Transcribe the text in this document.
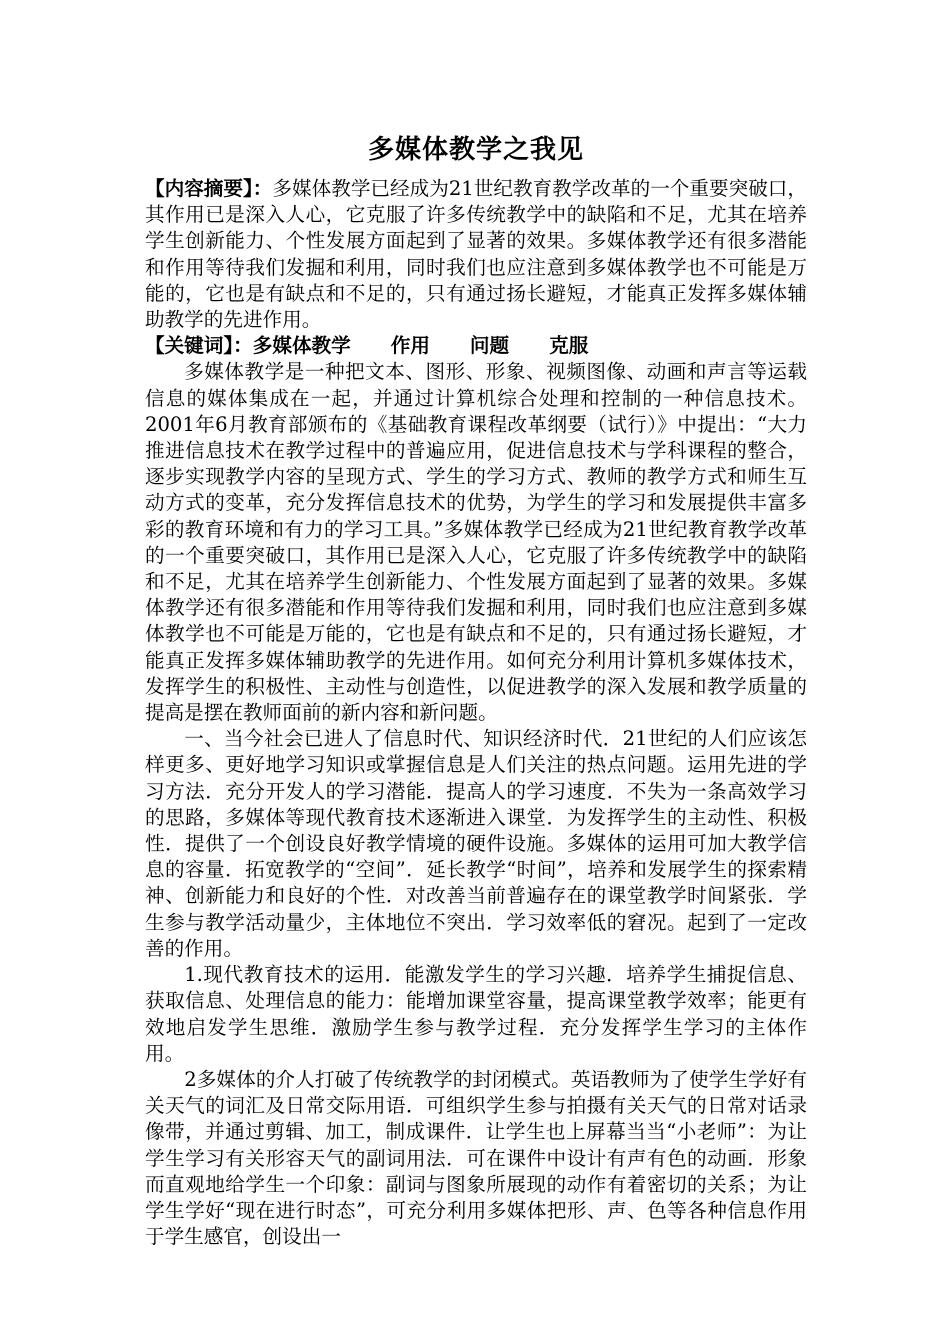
多媒体教学之我见

【内容摘要】：多媒体教学已经成为21世纪教育教学改革的一个重要突破口，其作用已是深入人心，它克服了许多传统教学中的缺陷和不足，尤其在培养学生创新能力、个性发展方面起到了显著的效果。多媒体教学还有很多潜能和作用等待我们发掘和利用，同时我们也应注意到多媒体教学也不可能是万能的，它也是有缺点和不足的，只有通过扬长避短，才能真正发挥多媒体辅助教学的先进作用。

【关键词】：多媒体教学 作用 问题 克服

多媒体教学是一种把文本、图形、形象、视频图像、动画和声言等运载信息的媒体集成在一起，并通过计算机综合处理和控制的一种信息技术。2001年6月教育部颁布的《基础教育课程改革纲要（试行）》中提出：“大力推进信息技术在教学过程中的普遍应用，促进信息技术与学科课程的整合，逐步实现教学内容的呈现方式、学生的学习方式、教师的教学方式和师生互动方式的变革，充分发挥信息技术的优势，为学生的学习和发展提供丰富多彩的教育环境和有力的学习工具。”多媒体教学已经成为21世纪教育教学改革的一个重要突破口，其作用已是深入人心，它克服了许多传统教学中的缺陷和不足，尤其在培养学生创新能力、个性发展方面起到了显著的效果。多媒体教学还有很多潜能和作用等待我们发掘和利用，同时我们也应注意到多媒体教学也不可能是万能的，它也是有缺点和不足的，只有通过扬长避短，才能真正发挥多媒体辅助教学的先进作用。如何充分利用计算机多媒体技术，发挥学生的积极性、主动性与创造性，以促进教学的深入发展和教学质量的提高是摆在教师面前的新内容和新问题。

一、当今社会已进人了信息时代、知识经济时代．21世纪的人们应该怎样更多、更好地学习知识或掌握信息是人们关注的热点问题。运用先进的学习方法．充分开发人的学习潜能．提高人的学习速度．不失为一条高效学习的思路，多媒体等现代教育技术逐渐进入课堂．为发挥学生的主动性、积极性．提供了一个创设良好教学情境的硬件设施。多媒体的运用可加大教学信息的容量．拓宽教学的“空间”．延长教学“时间”，培养和发展学生的探索精神、创新能力和良好的个性．对改善当前普遍存在的课堂教学时间紧张．学生参与教学活动量少，主体地位不突出．学习效率低的窘况。起到了一定改善的作用。

1.现代教育技术的运用．能激发学生的学习兴趣．培养学生捕捉信息、获取信息、处理信息的能力：能增加课堂容量，提高课堂教学效率；能更有效地启发学生思维．激励学生参与教学过程．充分发挥学生学习的主体作用。

2多媒体的介人打破了传统教学的封闭模式。英语教师为了使学生学好有关天气的词汇及日常交际用语．可组织学生参与拍摄有关天气的日常对话录像带，并通过剪辑、加工，制成课件．让学生也上屏幕当当“小老师”：为让学生学习有关形容天气的副词用法．可在课件中设计有声有色的动画．形象而直观地给学生一个印象：副词与图象所展现的动作有着密切的关系；为让学生学好“现在进行时态”，可充分利用多媒体把形、声、色等各种信息作用于学生感官，创设出一
